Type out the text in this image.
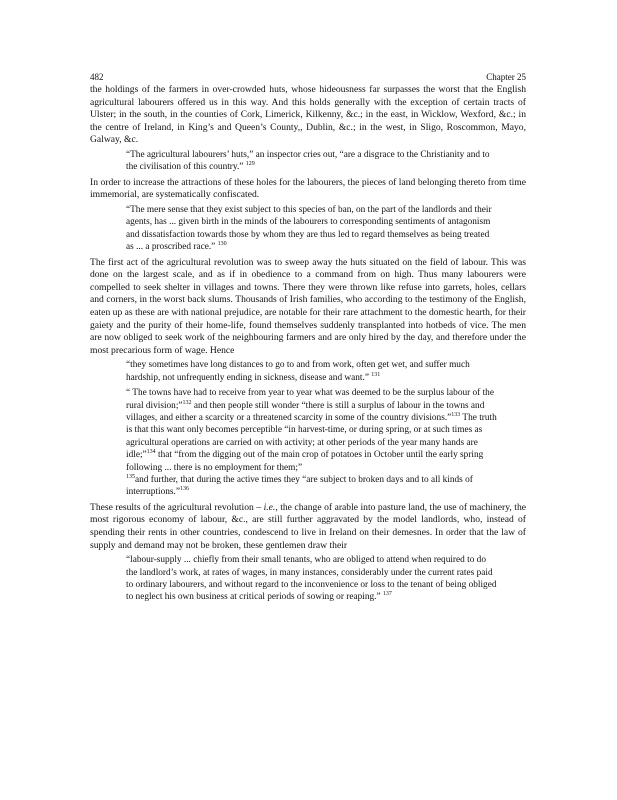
482	Chapter 25

the holdings of the farmers in over-crowded huts, whose hideousness far surpasses the worst that the English agricultural labourers offered us in this way. And this holds generally with the exception of certain tracts of Ulster; in the south, in the counties of Cork, Limerick, Kilkenny, &c.; in the east, in Wicklow, Wexford, &c.; in the centre of Ireland, in King’s and Queen’s County,, Dublin, &c.; in the west, in Sligo, Roscommon, Mayo, Galway, &c.

“The agricultural labourers’ huts,” an inspector cries out, “are a disgrace to the Christianity and to the civilisation of this country.” $^{129}$

In order to increase the attractions of these holes for the labourers, the pieces of land belonging thereto from time immemorial, are systematically confiscated.

“The mere sense that they exist subject to this species of ban, on the part of the landlords and their agents, has ... given birth in the minds of the labourers to corresponding sentiments of antagonism and dissatisfaction towards those by whom they are thus led to regard themselves as being treated as ... a proscribed race.” $^{130}$

The first act of the agricultural revolution was to sweep away the huts situated on the field of labour. This was done on the largest scale, and as if in obedience to a command from on high. Thus many labourers were compelled to seek shelter in villages and towns. There they were thrown like refuse into garrets, holes, cellars and corners, in the worst back slums. Thousands of Irish families, who according to the testimony of the English, eaten up as these are with national prejudice, are notable for their rare attachment to the domestic hearth, for their gaiety and the purity of their home-life, found themselves suddenly transplanted into hotbeds of vice. The men are now obliged to seek work of the neighbouring farmers and are only hired by the day, and therefore under the most precarious form of wage. Hence

“they sometimes have long distances to go to and from work, often get wet, and suffer much hardship, not unfrequently ending in sickness, disease and want.” $^{131}$

“ The towns have had to receive from year to year what was deemed to be the surplus labour of the rural division;”$^{132}$ and then people still wonder “there is still a surplus of labour in the towns and villages, and either a scarcity or a threatened scarcity in some of the country divisions.”$^{133}$ The truth is that this want only becomes perceptible “in harvest-time, or during spring, or at such times as agricultural operations are carried on with activity; at other periods of the year many hands are idle;”$^{134}$ that “from the digging out of the main crop of potatoes in October until the early spring following ... there is no employment for them;”
$^{135}$and further, that during the active times they “are subject to broken days and to all kinds of interruptions.”$^{136}$

These results of the agricultural revolution – i.e., the change of arable into pasture land, the use of machinery, the most rigorous economy of labour, &c., are still further aggravated by the model landlords, who, instead of spending their rents in other countries, condescend to live in Ireland on their demesnes. In order that the law of supply and demand may not be broken, these gentlemen draw their

“labour-supply ... chiefly from their small tenants, who are obliged to attend when required to do the landlord’s work, at rates of wages, in many instances, considerably under the current rates paid to ordinary labourers, and without regard to the inconvenience or loss to the tenant of being obliged to neglect his own business at critical periods of sowing or reaping.” $^{137}$
